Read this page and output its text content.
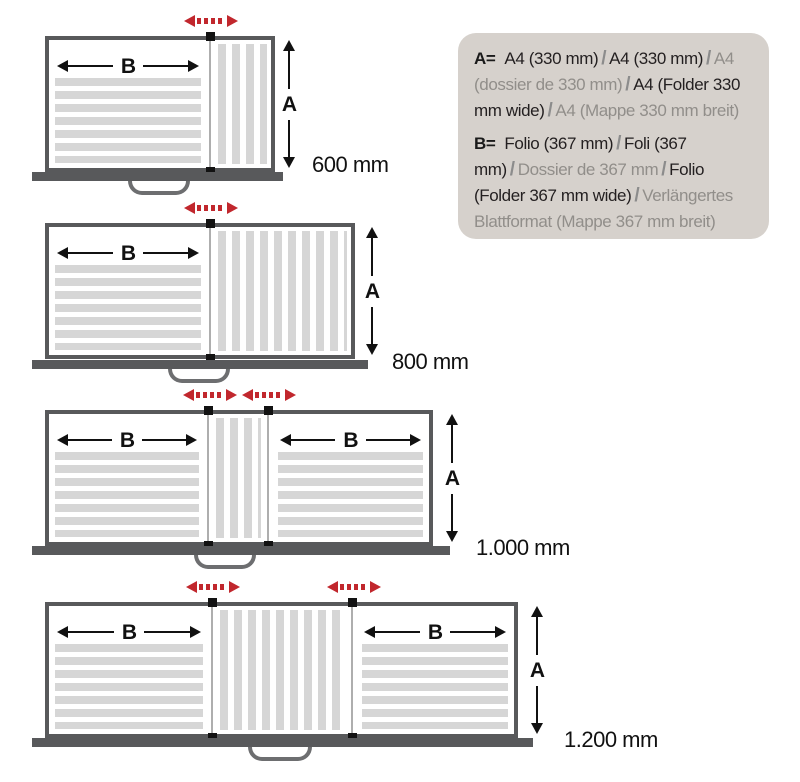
B
A
600 mm
B
A
800 mm
B	B
A
1.000 mm
B	B
A
1.200 mm

A= A4 (330 mm) / A4 (330 mm) / A4 (dossier de 330 mm) / A4 (Folder 330 mm wide) / A4 (Mappe 330 mm breit)

B= Folio (367 mm) / Foli (367 mm) / Dossier de 367 mm / Folio (Folder 367 mm wide) / Verlängertes Blattformat (Mappe 367 mm breit)
